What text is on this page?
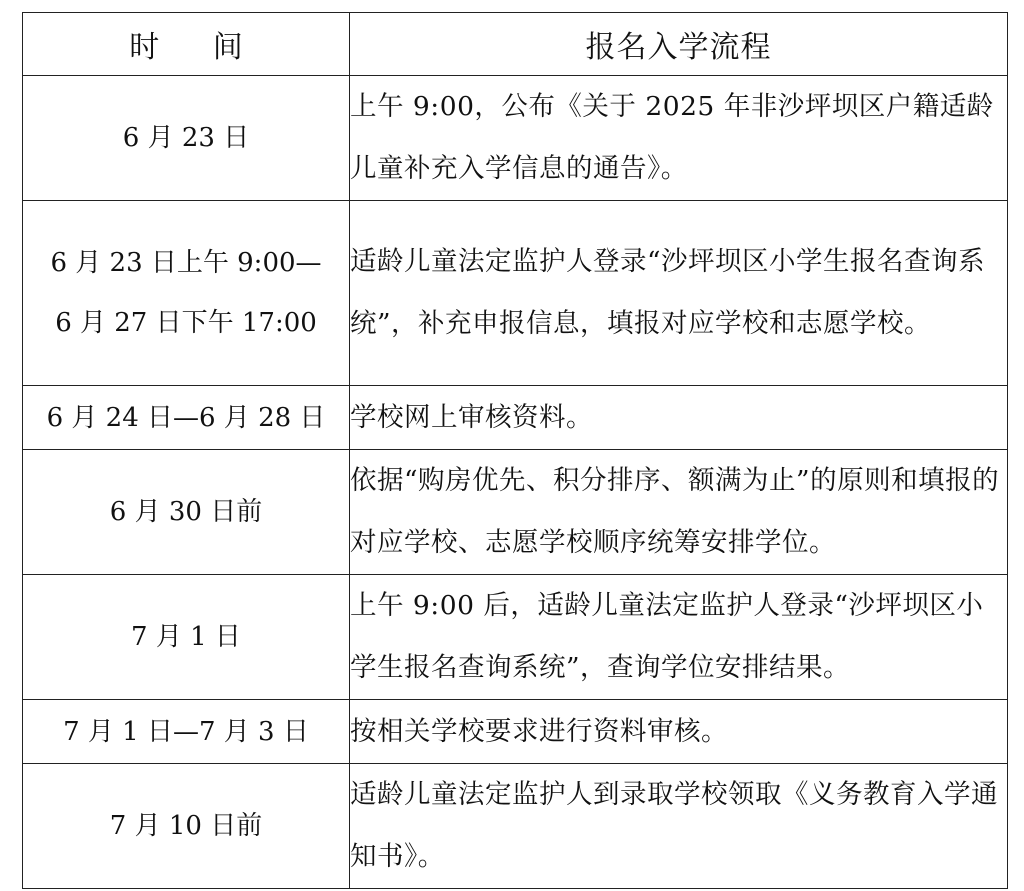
时 间	报名入学流程

6 月 23 日	上午 9:00，公布《关于 2025 年非沙坪坝区户籍适龄儿童补充入学信息的通告》。

6 月 23 日上午 9:00—
6 月 27 日下午 17:00	适龄儿童法定监护人登录“沙坪坝区小学生报名查询系统”，补充申报信息，填报对应学校和志愿学校。

6 月 24 日—6 月 28 日	学校网上审核资料。

6 月 30 日前	依据“购房优先、积分排序、额满为止”的原则和填报的对应学校、志愿学校顺序统筹安排学位。

7 月 1 日	上午 9:00 后，适龄儿童法定监护人登录“沙坪坝区小学生报名查询系统”，查询学位安排结果。

7 月 1 日—7 月 3 日	按相关学校要求进行资料审核。

7 月 10 日前	适龄儿童法定监护人到录取学校领取《义务教育入学通知书》。
